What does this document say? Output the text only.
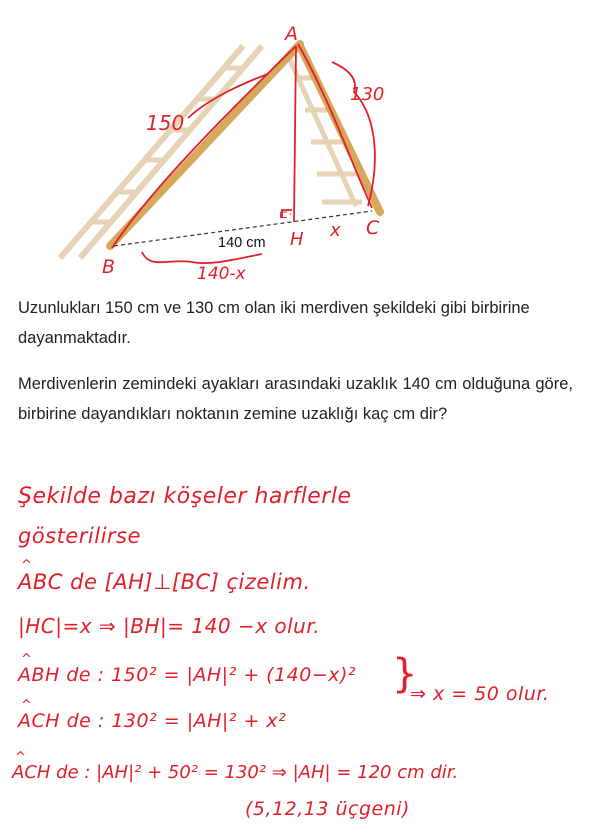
A
B
C
H x
150
130
140-x
⊏·
140 cm

Uzunlukları 150 cm ve 130 cm olan iki merdiven şekildeki gibi birbirine dayanmaktadır.

Merdivenlerin zemindeki ayakları arasındaki uzaklık 140 cm olduğuna göre, birbirine dayandıkları noktanın zemine uzaklığı kaç cm dir?

Şekilde bazı köşeler harflerle
gösterilirse
^ ABC de [AH]⊥[BC] çizelim.
|HC|=x ⇒ |BH|= 140 −x olur.
^ ABH de : 150² = |AH|² + (140−x)²
^ ACH de : 130² = |AH|² + x²
}
⇒ x = 50 olur.
^ ACH de : |AH|² + 50² = 130² ⇒ |AH| = 120 cm dir.
(5,12,13 üçgeni)
